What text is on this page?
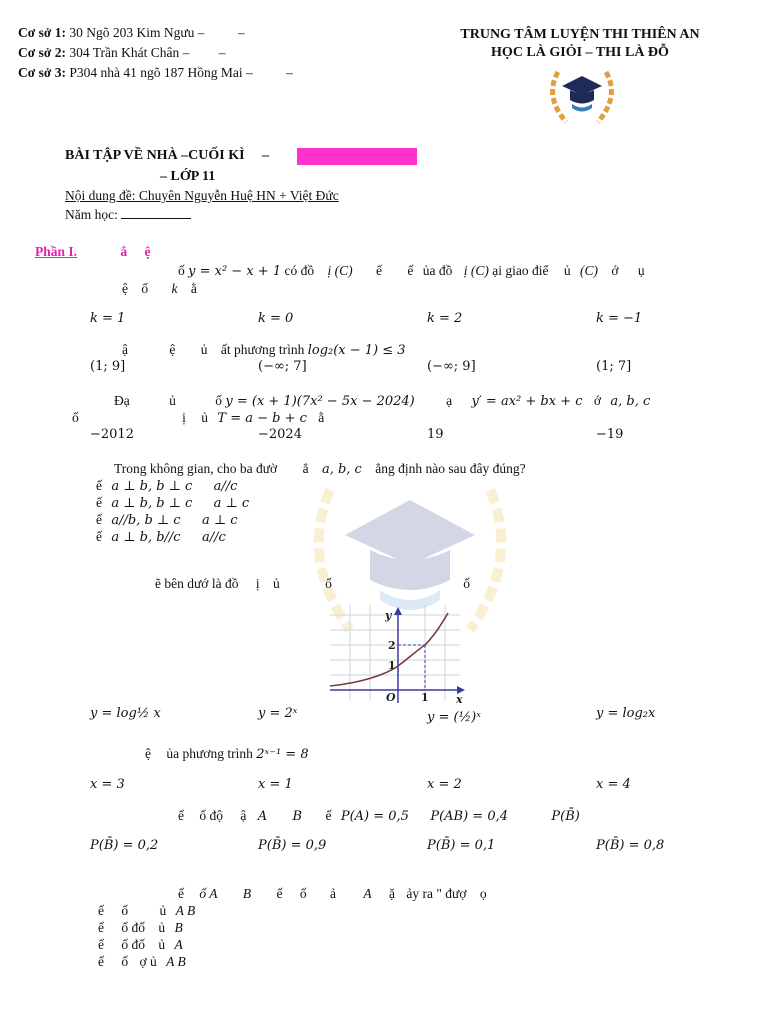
Cơ sở 1: 30 Ngõ 203 Kim Ngưu – –
Cơ sở 2: 304 Trần Khát Chân – –
Cơ sở 3: P304 nhà 41 ngõ 187 Hồng Mai – –
TRUNG TÂM LUYỆN THI THIÊN AN
HỌC LÀ GIỎI – THI LÀ ĐỖ
BÀI TẬP VỀ NHÀ –CUỐI KÌ –
– LỚP 11
Nội dung đề: Chuyên Nguyễn Huệ HN + Việt Đức
Năm học:
Phần I.	ắ ệ
ố y = x² − x + 1 có đồ ị (C) ế ế ủa đồ ị (C) ại giao điể ủ (C) ớ ụ
ệ ố k ằ
k = 1	k = 0	k = 2	k = −1
ậ	ệ ủ ất phương trình log₂(x − 1) ≤ 3
(1; 9]	(−∞; 7]	(−∞; 9]	(1; 7]
Đạ	ủ	ố y = (x + 1)(7x² − 5x − 2024) ạ y′ = ax² + bx + c ớ a, b, c
ố	ị ủ T = a − b + c ằ
−2012	−2024	19	−19
Trong không gian, cho ba đườ ẳ a, b, c ẳng định nào sau đây đúng?
ế a ⊥ b, b ⊥ c a//c
ế a ⊥ b, b ⊥ c a ⊥ c
ế a//b, b ⊥ c a ⊥ c
ế a ⊥ b, b//c a//c
ẽ bên dướ là đồ ị ủ	ố	ố
y
x
O 1
1
2
y = log½ x	y = 2ˣ	y = (½)ˣ	y = log₂x
ệ ủa phương trình 2ˣ⁻¹ = 8
x = 3	x = 1	x = 2	x = 4
ế ố độ ậ A B ế P(A) = 0,5 P(AB) = 0,4	P(B̄)
P(B̄) = 0,2	P(B̄) = 0,9	P(B̄) = 0,1	P(B̄) = 0,8
ế ố A B ế ố ả A ặ ảy ra " đượ ọ
ế ố ủ A B
ế ố đố ủ B
ế ố đố ủ A
ế ố ợ ủ A B
